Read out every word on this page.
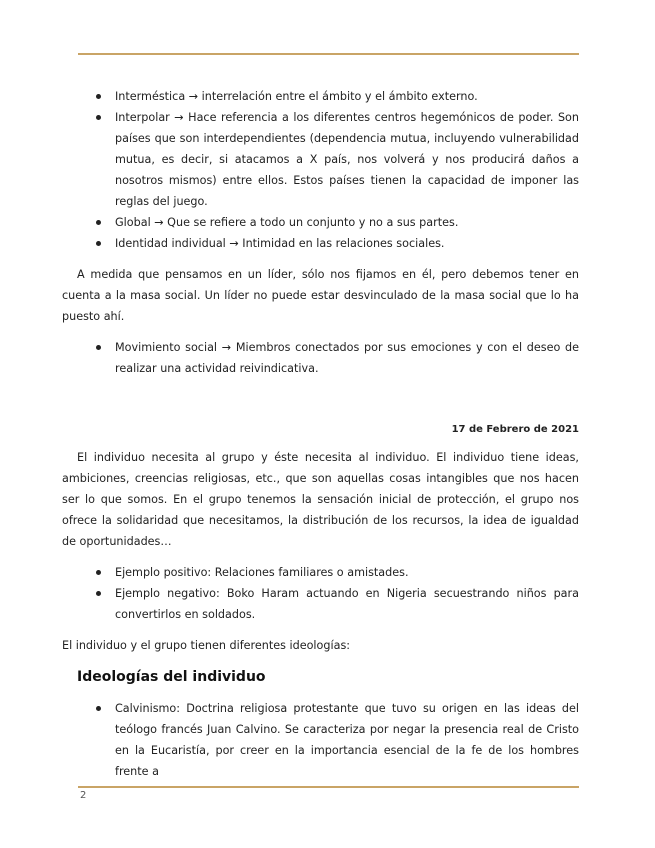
Interméstica → interrelación entre el ámbito y el ámbito externo.
Interpolar → Hace referencia a los diferentes centros hegemónicos de poder. Son países que son interdependientes (dependencia mutua, incluyendo vulnerabilidad mutua, es decir, si atacamos a X país, nos volverá y nos producirá daños a nosotros mismos) entre ellos. Estos países tienen la capacidad de imponer las reglas del juego.
Global → Que se refiere a todo un conjunto y no a sus partes.
Identidad individual → Intimidad en las relaciones sociales.

A medida que pensamos en un líder, sólo nos fijamos en él, pero debemos tener en cuenta a la masa social. Un líder no puede estar desvinculado de la masa social que lo ha puesto ahí.

Movimiento social → Miembros conectados por sus emociones y con el deseo de realizar una actividad reivindicativa.
17 de Febrero de 2021

El individuo necesita al grupo y éste necesita al individuo. El individuo tiene ideas, ambiciones, creencias religiosas, etc., que son aquellas cosas intangibles que nos hacen ser lo que somos. En el grupo tenemos la sensación inicial de protección, el grupo nos ofrece la solidaridad que necesitamos, la distribución de los recursos, la idea de igualdad de oportunidades…

Ejemplo positivo: Relaciones familiares o amistades.
Ejemplo negativo: Boko Haram actuando en Nigeria secuestrando niños para convertirlos en soldados.

El individuo y el grupo tienen diferentes ideologías:

Ideologías del individuo
Calvinismo: Doctrina religiosa protestante que tuvo su origen en las ideas del teólogo francés Juan Calvino. Se caracteriza por negar la presencia real de Cristo en la Eucaristía, por creer en la importancia esencial de la fe de los hombres frente a
2
